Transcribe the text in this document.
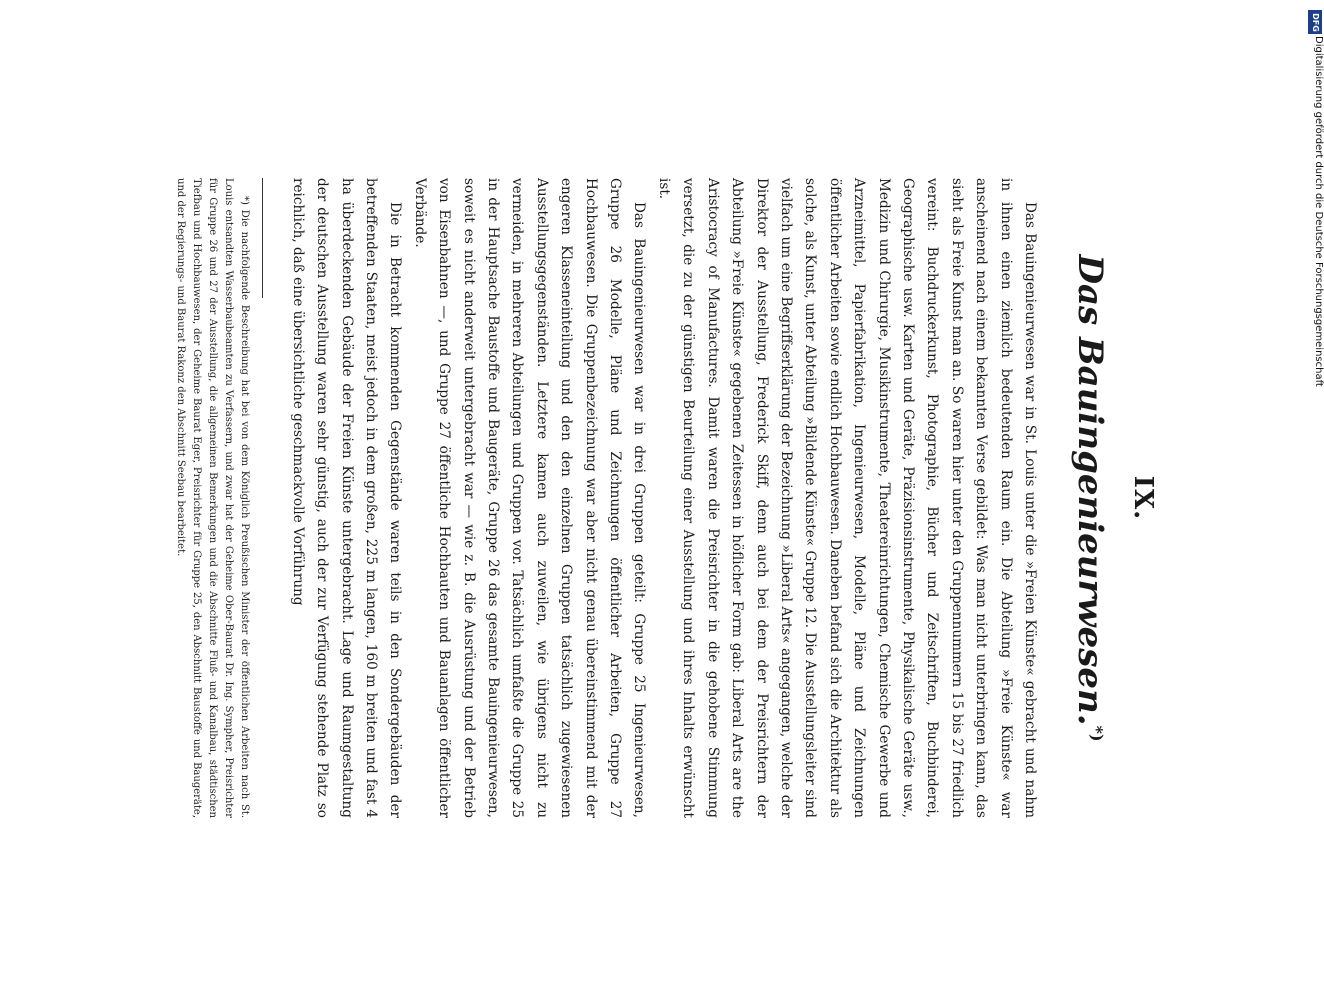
IX.
Das Bauingenieurwesen.*)

Das Bauingenieurwesen war in St. Louis unter die »Freien Künste« gebracht und nahm in ihnen einen ziemlich bedeutenden Raum ein. Die Abteilung »Freie Künste« war anscheinend nach einem bekannten Verse gebildet: Was man nicht unterbringen kann, das sieht als Freie Kunst man an. So waren hier unter den Gruppennummern 15 bis 27 friedlich vereint: Buchdruckerkunst, Photographie, Bücher und Zeitschriften, Buchbinderei, Geographische usw. Karten und Geräte, Präzisionsinstrumente, Physikalische Geräte usw., Medizin und Chirurgie, Musikinstrumente, Theatereinrichtungen, Chemische Gewerbe und Arzneimittel, Papierfabrikation, Ingenieurwesen, Modelle, Pläne und Zeichnungen öffentlicher Arbeiten sowie endlich Hochbauwesen. Daneben befand sich die Architektur als solche, als Kunst, unter Abteilung »Bildende Künste« Gruppe 12. Die Ausstellungsleiter sind vielfach um eine Begriffserklärung der Bezeichnung »Liberal Arts« angegangen, welche der Direktor der Ausstellung, Frederick Skiff, denn auch bei dem der Preisrichtern der Abteilung »Freie Künste« gegebenen Zeitessen in höflicher Form gab: Liberal Arts are the Aristocracy of Manufactures. Damit waren die Preisrichter in die gehobene Stimmung versetzt, die zu der günstigen Beurteilung einer Ausstellung und ihres Inhalts erwünscht ist.

Das Bauingenieurwesen war in drei Gruppen geteilt: Gruppe 25 Ingenieurwesen, Gruppe 26 Modelle, Pläne und Zeichnungen öffentlicher Arbeiten, Gruppe 27 Hochbauwesen. Die Gruppenbezeichnung war aber nicht genau übereinstimmend mit der engeren Klasseneinteilung und den den einzelnen Gruppen tatsächlich zugewiesenen Ausstellungsgegenständen. Letztere kamen auch zuweilen, wie übrigens nicht zu vermeiden, in mehreren Abteilungen und Gruppen vor. Tatsächlich umfaßte die Gruppe 25 in der Hauptsache Baustoffe und Baugeräte, Gruppe 26 das gesamte Bauingenieurwesen, soweit es nicht anderweit untergebracht war — wie z. B. die Ausrüstung und der Betrieb von Eisenbahnen —, und Gruppe 27 öffentliche Hochbauten und Bauanlagen öffentlicher Verbände.

Die in Betracht kommenden Gegenstände waren teils in den Sondergebäuden der betreffenden Staaten, meist jedoch in dem großen, 225 m langen, 160 m breiten und fast 4 ha überdeckenden Gebäude der Freien Künste untergebracht. Lage und Raumgestaltung der deutschen Ausstellung waren sehr günstig, auch der zur Verfügung stehende Platz so reichlich, daß eine übersichtliche geschmackvolle Vorführung

*) Die nachfolgende Beschreibung hat bei von dem Königlich Preußischen Minister der öffentlichen Arbeiten nach St. Louis entsandten Wasserbaubeamten zu Verfassern, und zwar hat der Geheime Ober-Baurat Dr. Ing. Sympher, Preisrichter für Gruppe 26 und 27 der Ausstellung, die allgemeinen Bemerkungen und die Abschnitte Fluß- und Kanalbau, städtischen Tiefbau und Hochbauwesen, der Geheime Baurat Eger, Preisrichter für Gruppe 25, den Abschnitt Baustoffe und Baugeräte, und der Regierungs- und Baurat Rakonz den Abschnitt Seebau bearbeitet.

DFG
Digitalisierung gefördert durch die Deutsche Forschungsgemeinschaft
